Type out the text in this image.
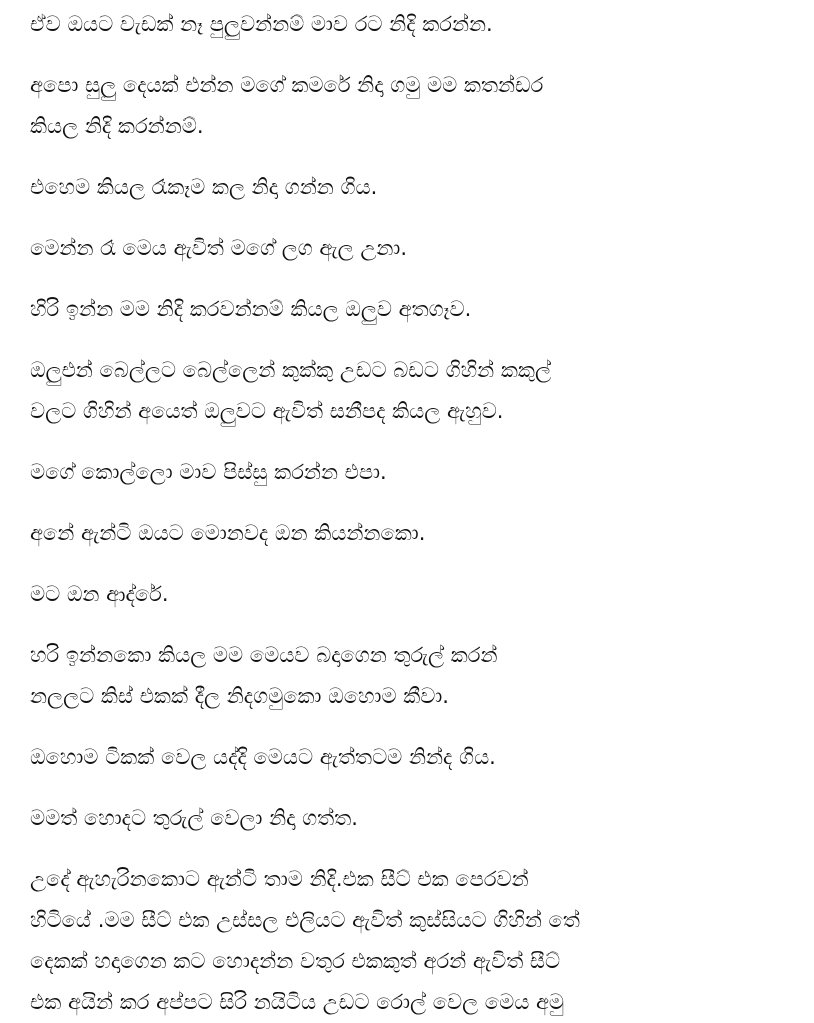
ඒව ඔයට වැඩක් නෑ පුලුවන්නම් මාව රට නිදි කරන්න.

අපො සුලු දෙයක් එන්න මගේ කමරේ නිදා ගමු මම කතන්ඩර
කියල නිදි කරන්නම්.

එහෙම කියල රෑකෑම කල නිදා ගන්න ගිය.

මෙන්න රෑ මෙය ඇවිත් මගේ ලග ඇල උනා.

හිරි ඉන්න මම නිදි කරවන්නම් කියල ඔලුව අතගෑව.

ඔලුඑන් බෙල්ලට බෙල්ලෙන් කුක්කු උඩට බඩට ගිහින් කකුල්
වලට ගිහින් අයෙත් ඔලුවට ඇවිත් සනීපද කියල ඇහුව.

මගේ කොල්ලො මාව පිස්සු කරන්න එපා.

අනේ ඇන්ටි ඔයට මොනවද ඔන කියන්නකො.

මට ඔන ආද්රේ.

හරි ඉන්නකො කියල මම මෙයව බදාගෙන තුරුල් කරන්
නලලට කිස් එකක් දීල නිදගමුකො ඔහොම කීවා.

ඔහොම ටිකක් වෙල යද්දි මෙයට ඇත්තටම නින්ද ගිය.

මමත් හොදට තුරුල් වෙලා නිදා ගත්ත.

උදේ ඇහැරිනකොට ඇන්ටි තාම නිදි.එක සීට් එක පෙරවන්
හිටියේ .මම සීට් එක උස්සල එලියට ඇවිත් කුස්සියට ගිහින් තේ
දෙකක් හදාගෙන කට හොදන්න වතුර එකකුත් අරන් ඇවිත් සීට්
එක අයින් කර අප්පට සිරි නයිටිය උඩට රොල් වෙල මෙය අමු
